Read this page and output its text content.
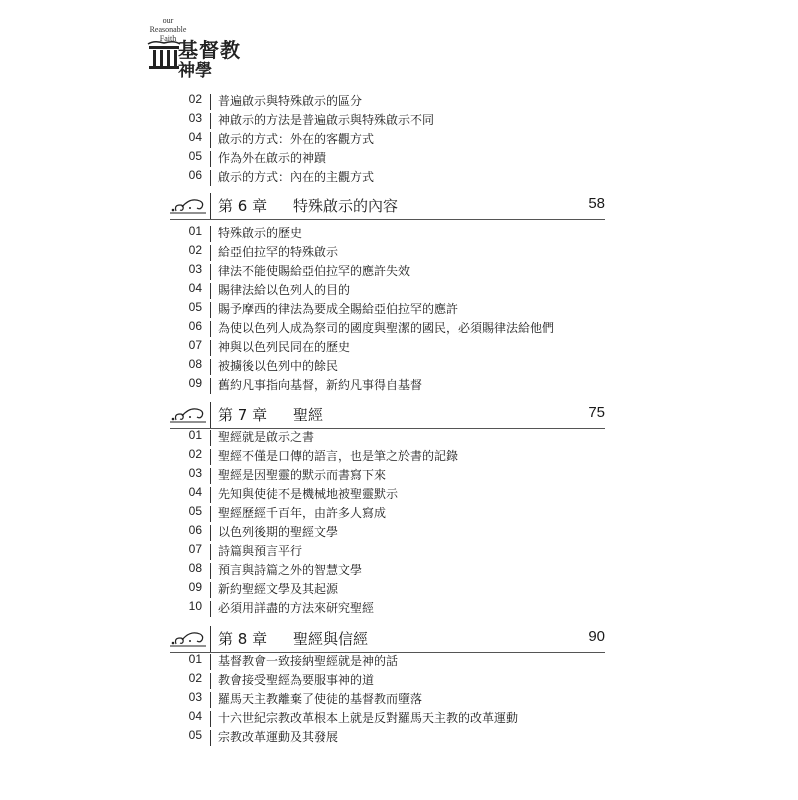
our
Reasonable
Faith 基督教
神學
02 普遍啟示與特殊啟示的區分
03 神啟示的方法是普遍啟示與特殊啟示不同
04 啟示的方式：外在的客觀方式
05 作為外在啟示的神蹟
06 啟示的方式：內在的主觀方式
第 6 章 特殊啟示的內容	58
01 特殊啟示的歷史
02 給亞伯拉罕的特殊啟示
03 律法不能使賜給亞伯拉罕的應許失效
04 賜律法給以色列人的目的
05 賜予摩西的律法為要成全賜給亞伯拉罕的應許
06 為使以色列人成為祭司的國度與聖潔的國民，必須賜律法給他們
07 神與以色列民同在的歷史
08 被擄後以色列中的餘民
09 舊約凡事指向基督，新約凡事得自基督
第 7 章 聖經	75
01 聖經就是啟示之書
02 聖經不僅是口傳的語言，也是筆之於書的記錄
03 聖經是因聖靈的默示而書寫下來
04 先知與使徒不是機械地被聖靈默示
05 聖經歷經千百年，由許多人寫成
06 以色列後期的聖經文學
07 詩篇與預言平行
08 預言與詩篇之外的智慧文學
09 新約聖經文學及其起源
10 必須用詳盡的方法來研究聖經
第 8 章 聖經與信經	90
01 基督教會一致接納聖經就是神的話
02 教會接受聖經為要服事神的道
03 羅馬天主教離棄了使徒的基督教而墮落
04 十六世紀宗教改革根本上就是反對羅馬天主教的改革運動
05 宗教改革運動及其發展
